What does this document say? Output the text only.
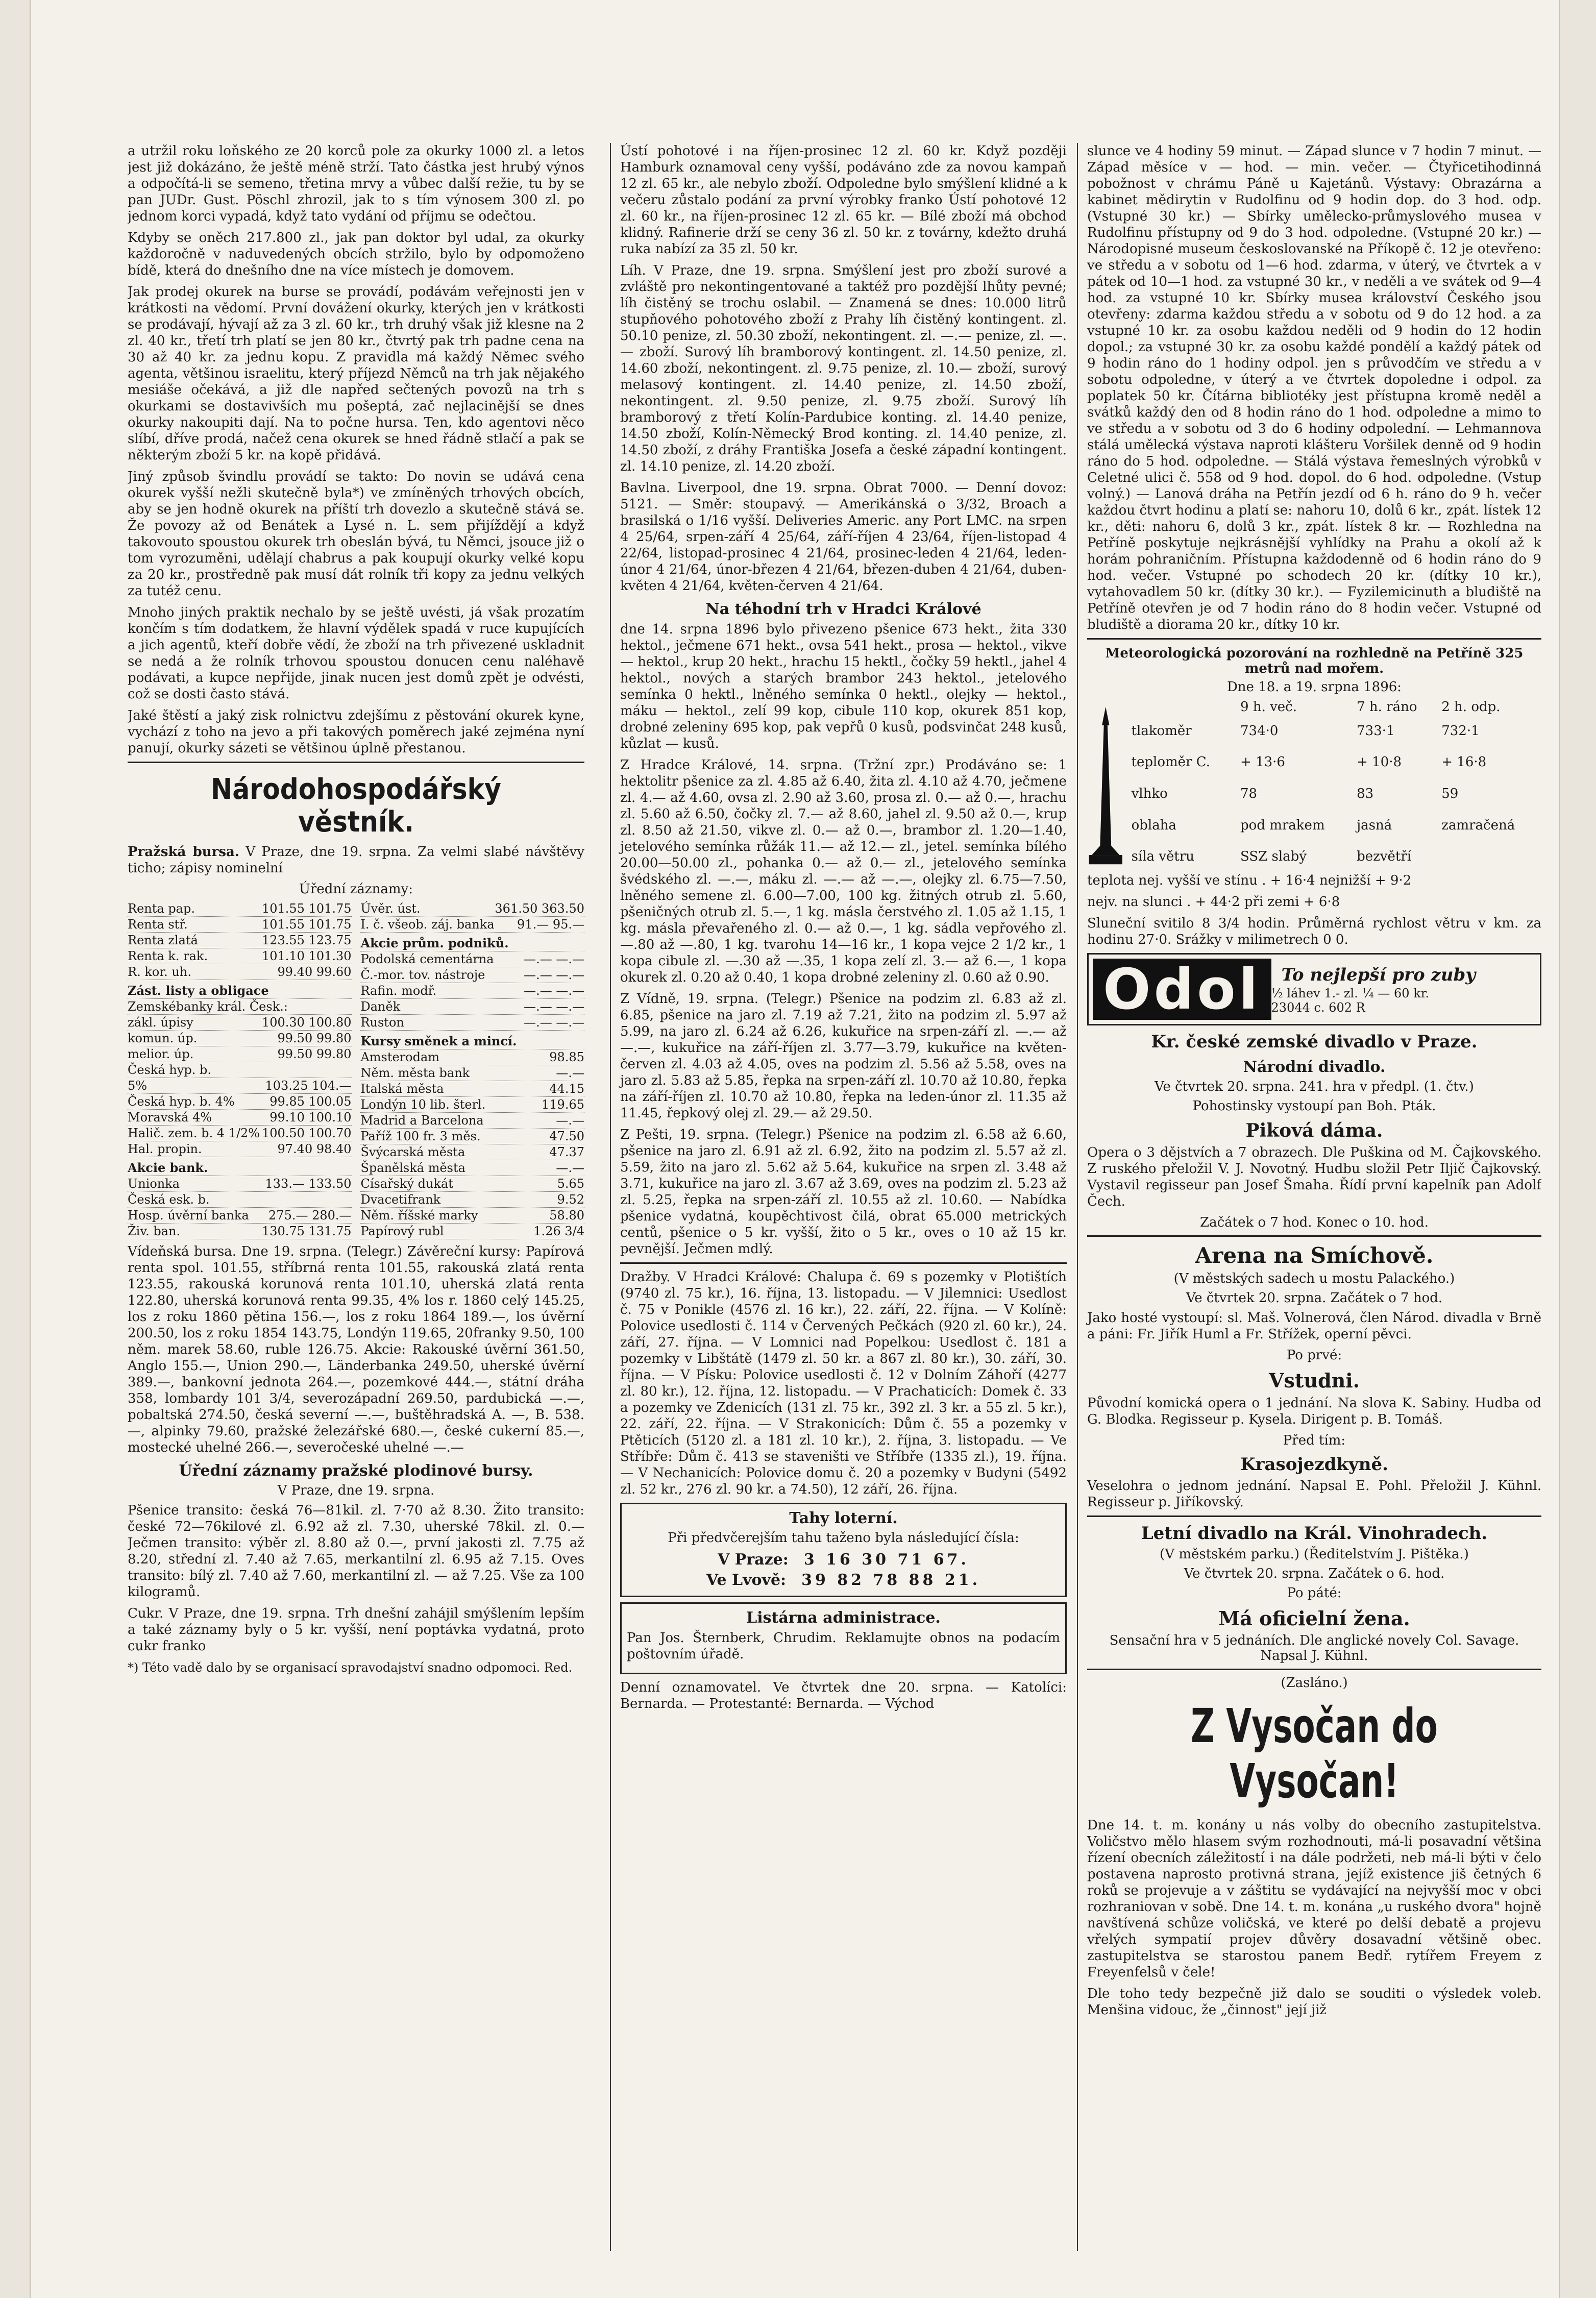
a utržil roku loňského ze 20 korců pole za okurky 1000 zl. a letos jest již dokázáno, že ještě méně strží. Tato částka jest hrubý výnos a odpočítá-li se semeno, třetina mrvy a vůbec další režie, tu by se pan JUDr. Gust. Pöschl zhrozil, jak to s tím výnosem 300 zl. po jednom korci vypadá, když tato vydání od příjmu se odečtou.

Kdyby se oněch 217.800 zl., jak pan doktor byl udal, za okurky každoročně v naduvedených obcích stržilo, bylo by odpomoženo bídě, která do dnešního dne na více místech je domovem.

Jak prodej okurek na burse se provádí, podávám veřejnosti jen v krátkosti na vědomí. První dovážení okurky, kterých jen v krátkosti se prodávají, hývají až za 3 zl. 60 kr., trh druhý však již klesne na 2 zl. 40 kr., třetí trh platí se jen 80 kr., čtvrtý pak trh padne cena na 30 až 40 kr. za jednu kopu. Z pravidla má každý Němec svého agenta, většinou israelitu, který příjezd Němců na trh jak nějakého mesiáše očekává, a již dle napřed sečtených povozů na trh s okurkami se dostavivších mu pošeptá, zač nejlacinější se dnes okurky nakoupiti dají. Na to počne hursa. Ten, kdo agentovi něco slíbí, dříve prodá, načež cena okurek se hned řádně stlačí a pak se některým zboží 5 kr. na kopě přidává.

Jiný způsob švindlu provádí se takto: Do novin se udává cena okurek vyšší nežli skutečně byla*) ve zmíněných trhových obcích, aby se jen hodně okurek na příští trh dovezlo a skutečně stává se. Že povozy až od Benátek a Lysé n. L. sem přijíždějí a když takovouto spoustou okurek trh obeslán bývá, tu Němci, jsouce již o tom vyrozuměni, udělají chabrus a pak koupují okurky velké kopu za 20 kr., prostředně pak musí dát rolník tři kopy za jednu velkých za tutéž cenu.

Mnoho jiných praktik nechalo by se ještě uvésti, já však prozatím končím s tím dodatkem, že hlavní výdělek spadá v ruce kupujících a jich agentů, kteří dobře vědí, že zboží na trh přivezené uskladnit se nedá a že rolník trhovou spoustou donucen cenu naléhavě podávati, a kupce nepřijde, jinak nucen jest domů zpět je odvésti, což se dosti často stává.

Jaké štěstí a jaký zisk rolnictvu zdejšímu z pěstování okurek kyne, vychází z toho na jevo a při takových poměrech jaké zejména nyní panují, okurky sázeti se většinou úplně přestanou.

Národohospodářský věstník.

Pražská bursa. V Praze, dne 19. srpna. Za velmi slabé návštěvy ticho; zápisy nominelní

Úřední záznamy:
Renta pap.	101.55 101.75
Renta stř.	101.55 101.75
Renta zlatá	123.55 123.75
Renta k. rak.	101.10 101.30
R. kor. uh.	99.40 99.60
Zást. listy a obligace
Zemskébanky král. Česk.:
zákl. úpisy	100.30 100.80
komun. úp.	99.50 99.80
melior. úp.	99.50 99.80
Česká hyp. b.
5%	103.25 104.—
Česká hyp. b. 4%	99.85 100.05
Moravská 4%	99.10 100.10
Halič. zem. b. 4 1/2% 100.50 100.70
Hal. propin.	97.40 98.40
Akcie bank.
Unionka	133.— 133.50
Česká esk. b.
Hosp. úvěrní banka 275.— 280.—
Živ. ban.	130.75 131.75
Úvěr. úst.	361.50 363.50
I. č. všeob. záj. banka 91.— 95.—
Akcie prům. podniků.
Podolská cementárna —.— —.—
Č.-mor. tov. nástroje	—.— —.—
Rafin. modř.	—.— —.—
Daněk	—.— —.—
Ruston	—.— —.—
Kursy směnek a mincí.
Amsterodam	98.85
Něm. města bank	—.—
Italská města	44.15
Londýn 10 lib. šterl.	119.65
Madrid a Barcelona	—.—
Paříž 100 fr. 3 měs.	47.50
Švýcarská města	47.37
Španělská města	—.—
Císařský dukát	5.65
Dvacetifrank	9.52
Něm. říšské marky	58.80
Papírový rubl	1.26 3/4

Vídeňská bursa. Dne 19. srpna. (Telegr.) Závěreční kursy: Papírová renta spol. 101.55, stříbrná renta 101.55, rakouská zlatá renta 123.55, rakouská korunová renta 101.10, uherská zlatá renta 122.80, uherská korunová renta 99.35, 4% los r. 1860 celý 145.25, los z roku 1860 pětina 156.—, los z roku 1864 189.—, los úvěrní 200.50, los z roku 1854 143.75, Londýn 119.65, 20franky 9.50, 100 něm. marek 58.60, ruble 126.75. Akcie: Rakouské úvěrní 361.50, Anglo 155.—, Union 290.—, Länderbanka 249.50, uherské úvěrní 389.—, bankovní jednota 264.—, pozemkové 444.—, státní dráha 358, lombardy 101 3/4, severozápadní 269.50, pardubická —.—, pobaltská 274.50, česká severní —.—, buštěhradská A. —, B. 538.—, alpinky 79.60, pražské železářské 680.—, české cukerní 85.—, mostecké uhelné 266.—, severočeské uhelné —.—

Úřední záznamy pražské plodinové bursy.
V Praze, dne 19. srpna.

Pšenice transito: česká 76—81kil. zl. 7·70 až 8.30. Žito transito: české 72—76kilové zl. 6.92 až zl. 7.30, uherské 78kil. zl. 0.— Ječmen transito: výběr zl. 8.80 až 0.—, první jakosti zl. 7.75 až 8.20, střední zl. 7.40 až 7.65, merkantilní zl. 6.95 až 7.15. Oves transito: bílý zl. 7.40 až 7.60, merkantilní zl. — až 7.25. Vše za 100 kilogramů.

Cukr. V Praze, dne 19. srpna. Trh dnešní zahájil smýšlením lepším a také záznamy byly o 5 kr. vyšší, není poptávka vydatná, proto cukr franko

*) Této vadě dalo by se organisací spravodajství snadno odpomoci. Red.

Ústí pohotové i na říjen-prosinec 12 zl. 60 kr. Když později Hamburk oznamoval ceny vyšší, podáváno zde za novou kampaň 12 zl. 65 kr., ale nebylo zboží. Odpoledne bylo smýšlení klidné a k večeru zůstalo podání za první výrobky franko Ústí pohotové 12 zl. 60 kr., na říjen-prosinec 12 zl. 65 kr. — Bílé zboží má obchod klidný. Rafinerie drží se ceny 36 zl. 50 kr. z továrny, kdežto druhá ruka nabízí za 35 zl. 50 kr.

Líh. V Praze, dne 19. srpna. Smýšlení jest pro zboží surové a zvláště pro nekontingentované a taktéž pro pozdější lhůty pevné; líh čistěný se trochu oslabil. — Znamená se dnes: 10.000 litrů stupňového pohotového zboží z Prahy líh čistěný kontingent. zl. 50.10 penize, zl. 50.30 zboží, nekontingent. zl. —.— penize, zl. —.— zboží. Surový líh bramborový kontingent. zl. 14.50 penize, zl. 14.60 zboží, nekontingent. zl. 9.75 penize, zl. 10.— zboží, surový melasový kontingent. zl. 14.40 penize, zl. 14.50 zboží, nekontingent. zl. 9.50 penize, zl. 9.75 zboží. Surový líh bramborový z třetí Kolín-Pardubice konting. zl. 14.40 penize, 14.50 zboží, Kolín-Německý Brod konting. zl. 14.40 penize, zl. 14.50 zboží, z dráhy Františka Josefa a české západní kontingent. zl. 14.10 penize, zl. 14.20 zboží.

Bavlna. Liverpool, dne 19. srpna. Obrat 7000. — Denní dovoz: 5121. — Směr: stoupavý. — Amerikánská o 3/32, Broach a brasilská o 1/16 vyšší. Deliveries Americ. any Port LMC. na srpen 4 25/64, srpen-září 4 25/64, září-říjen 4 23/64, říjen-listopad 4 22/64, listopad-prosinec 4 21/64, prosinec-leden 4 21/64, leden-únor 4 21/64, únor-březen 4 21/64, březen-duben 4 21/64, duben-květen 4 21/64, květen-červen 4 21/64.

Na téhodní trh v Hradci Králové

dne 14. srpna 1896 bylo přivezeno pšenice 673 hekt., žita 330 hektol., ječmene 671 hekt., ovsa 541 hekt., prosa — hektol., vikve — hektol., krup 20 hekt., hrachu 15 hektl., čočky 59 hektl., jahel 4 hektol., nových a starých brambor 243 hektol., jetelového semínka 0 hektl., lněného semínka 0 hektl., olejky — hektol., máku — hektol., zelí 99 kop, cibule 110 kop, okurek 851 kop, drobné zeleniny 695 kop, pak vepřů 0 kusů, podsvinčat 248 kusů, kůzlat — kusů.

Z Hradce Králové, 14. srpna. (Tržní zpr.) Prodáváno se: 1 hektolitr pšenice za zl. 4.85 až 6.40, žita zl. 4.10 až 4.70, ječmene zl. 4.— až 4.60, ovsa zl. 2.90 až 3.60, prosa zl. 0.— až 0.—, hrachu zl. 5.60 až 6.50, čočky zl. 7.— až 8.60, jahel zl. 9.50 až 0.—, krup zl. 8.50 až 21.50, vikve zl. 0.— až 0.—, brambor zl. 1.20—1.40, jetelového semínka růžák 11.— až 12.— zl., jetel. semínka bílého 20.00—50.00 zl., pohanka 0.— až 0.— zl., jetelového semínka švédského zl. —.—, máku zl. —.— až —.—, olejky zl. 6.75—7.50, lněného semene zl. 6.00—7.00, 100 kg. žitných otrub zl. 5.60, pšeničných otrub zl. 5.—, 1 kg. másla čerstvého zl. 1.05 až 1.15, 1 kg. másla převařeného zl. 0.— až 0.—, 1 kg. sádla vepřového zl. —.80 až —.80, 1 kg. tvarohu 14—16 kr., 1 kopa vejce 2 1/2 kr., 1 kopa cibule zl. —.30 až —.35, 1 kopa zelí zl. 3.— až 6.—, 1 kopa okurek zl. 0.20 až 0.40, 1 kopa drobné zeleniny zl. 0.60 až 0.90.

Z Vídně, 19. srpna. (Telegr.) Pšenice na podzim zl. 6.83 až zl. 6.85, pšenice na jaro zl. 7.19 až 7.21, žito na podzim zl. 5.97 až 5.99, na jaro zl. 6.24 až 6.26, kukuřice na srpen-září zl. —.— až —.—, kukuřice na září-říjen zl. 3.77—3.79, kukuřice na květen-červen zl. 4.03 až 4.05, oves na podzim zl. 5.56 až 5.58, oves na jaro zl. 5.83 až 5.85, řepka na srpen-září zl. 10.70 až 10.80, řepka na září-říjen zl. 10.70 až 10.80, řepka na leden-únor zl. 11.35 až 11.45, řepkový olej zl. 29.— až 29.50.

Z Pešti, 19. srpna. (Telegr.) Pšenice na podzim zl. 6.58 až 6.60, pšenice na jaro zl. 6.91 až zl. 6.92, žito na podzim zl. 5.57 až zl. 5.59, žito na jaro zl. 5.62 až 5.64, kukuřice na srpen zl. 3.48 až 3.71, kukuřice na jaro zl. 3.67 až 3.69, oves na podzim zl. 5.23 až zl. 5.25, řepka na srpen-září zl. 10.55 až zl. 10.60. — Nabídka pšenice vydatná, koupěchtivost čilá, obrat 65.000 metrických centů, pšenice o 5 kr. vyšší, žito o 5 kr., oves o 10 až 15 kr. pevnější. Ječmen mdlý.

Dražby. V Hradci Králové: Chalupa č. 69 s pozemky v Plotištích (9740 zl. 75 kr.), 16. října, 13. listopadu. — V Jilemnici: Usedlost č. 75 v Ponikle (4576 zl. 16 kr.), 22. září, 22. října. — V Kolíně: Polovice usedlosti č. 114 v Červených Pečkách (920 zl. 60 kr.), 24. září, 27. října. — V Lomnici nad Popelkou: Usedlost č. 181 a pozemky v Libštátě (1479 zl. 50 kr. a 867 zl. 80 kr.), 30. září, 30. října. — V Písku: Polovice usedlosti č. 12 v Dolním Záhoří (4277 zl. 80 kr.), 12. října, 12. listopadu. — V Prachaticích: Domek č. 33 a pozemky ve Zdenicích (131 zl. 75 kr., 392 zl. 3 kr. a 55 zl. 5 kr.), 22. září, 22. října. — V Strakonicích: Dům č. 55 a pozemky v Ptěticích (5120 zl. a 181 zl. 10 kr.), 2. října, 3. listopadu. — Ve Stříbře: Dům č. 413 se staveništi ve Stříbře (1335 zl.), 19. října. — V Nechanicích: Polovice domu č. 20 a pozemky v Budyni (5492 zl. 52 kr., 276 zl. 90 kr. a 74.50), 12 září, 26. října.

Tahy loterní.
Při předvčerejším tahu taženo byla následující čísla:
V Praze: 3 16 30 71 67.
Ve Lvově: 39 82 78 88 21.
Listárna administrace.

Pan Jos. Šternberk, Chrudim. Reklamujte obnos na podacím poštovním úřadě.

Denní oznamovatel. Ve čtvrtek dne 20. srpna. — Katolíci: Bernarda. — Protestanté: Bernarda. — Východ

slunce ve 4 hodiny 59 minut. — Západ slunce v 7 hodin 7 minut. — Západ měsíce v — hod. — min. večer. — Čtyřicetihodinná pobožnost v chrámu Páně u Kajetánů. Výstavy: Obrazárna a kabinet mědirytin v Rudolfinu od 9 hodin dop. do 3 hod. odp. (Vstupné 30 kr.) — Sbírky umělecko-průmyslového musea v Rudolfinu přístupny od 9 do 3 hod. odpoledne. (Vstupné 20 kr.) — Národopisné museum českoslovanské na Příkopě č. 12 je otevřeno: ve středu a v sobotu od 1—6 hod. zdarma, v úterý, ve čtvrtek a v pátek od 10—1 hod. za vstupné 30 kr., v neděli a ve svátek od 9—4 hod. za vstupné 10 kr. Sbírky musea království Českého jsou otevřeny: zdarma každou středu a v sobotu od 9 do 12 hod. a za vstupné 10 kr. za osobu každou neděli od 9 hodin do 12 hodin dopol.; za vstupné 30 kr. za osobu každé pondělí a každý pátek od 9 hodin ráno do 1 hodiny odpol. jen s průvodčím ve středu a v sobotu odpoledne, v úterý a ve čtvrtek dopoledne i odpol. za poplatek 50 kr. Čítárna bibliotéky jest přístupna kromě neděl a svátků každý den od 8 hodin ráno do 1 hod. odpoledne a mimo to ve středu a v sobotu od 3 do 6 hodiny odpolední. — Lehmannova stálá umělecká výstava naproti klášteru Voršilek denně od 9 hodin ráno do 5 hod. odpoledne. — Stálá výstava řemeslných výrobků v Celetné ulici č. 558 od 9 hod. dopol. do 6 hod. odpoledne. (Vstup volný.) — Lanová dráha na Petřín jezdí od 6 h. ráno do 9 h. večer každou čtvrt hodinu a platí se: nahoru 10, dolů 6 kr., zpát. lístek 12 kr., děti: nahoru 6, dolů 3 kr., zpát. lístek 8 kr. — Rozhledna na Petříně poskytuje nejkrásnější vyhlídky na Prahu a okolí až k horám pohraničním. Přístupna každodenně od 6 hodin ráno do 9 hod. večer. Vstupné po schodech 20 kr. (dítky 10 kr.), vytahovadlem 50 kr. (dítky 30 kr.). — Fyzilemicinuth a bludiště na Petříně otevřen je od 7 hodin ráno do 8 hodin večer. Vstupné od bludiště a diorama 20 kr., dítky 10 kr.

Meteorologická pozorování na rozhledně na Petříně 325 metrů nad mořem.
Dne 18. a 19. srpna 1896:
	9 h. več.	7 h. ráno	2 h. odp.
tlakoměr	734·0	733·1	732·1
teploměr C.	+ 13·6	+ 10·8	+ 16·8
vlhko	78	83	59
oblaha	pod mrakem	jasná	zamračená
síla větru	SSZ slabý	bezvětří	

teplota nej. vyšší ve stínu . + 16·4 nejnižší + 9·2

nejv. na slunci . + 44·2 při zemi + 6·8

Sluneční svitilo 8 3/4 hodin. Průměrná rychlost větru v km. za hodinu 27·0. Srážky v milimetrech 0 0.

Odol	To nejlepší pro zuby
½ láhev 1.- zl. ¼ — 60 kr.
23044 c. 602 R
Kr. české zemské divadlo v Praze.
Národní divadlo.
Ve čtvrtek 20. srpna. 241. hra v předpl. (1. čtv.)
Pohostinsky vystoupí pan Boh. Pták.
Piková dáma.

Opera o 3 dějstvích a 7 obrazech. Dle Puškina od M. Čajkovského. Z ruského přeložil V. J. Novotný. Hudbu složil Petr Iljič Čajkovský. Vystavil regisseur pan Josef Šmaha. Řídí první kapelník pan Adolf Čech.

Začátek o 7 hod. Konec o 10. hod.
Arena na Smíchově.
(V městských sadech u mostu Palackého.)
Ve čtvrtek 20. srpna. Začátek o 7 hod.

Jako hosté vystoupí: sl. Maš. Volnerová, člen Národ. divadla v Brně a páni: Fr. Jiřík Huml a Fr. Střížek, operní pěvci.

Po prvé:
Vstudni.

Původní komická opera o 1 jednání. Na slova K. Sabiny. Hudba od G. Blodka. Regisseur p. Kysela. Dirigent p. B. Tomáš.

Před tím:
Krasojezdkyně.

Veselohra o jednom jednání. Napsal E. Pohl. Přeložil J. Kühnl. Regisseur p. Jiříkovský.

Letní divadlo na Král. Vinohradech.
(V městském parku.) (Ředitelstvím J. Pištěka.)
Ve čtvrtek 20. srpna. Začátek o 6. hod.
Po páté:
Má oficielní žena.
Sensační hra v 5 jednáních. Dle anglické novely Col. Savage. Napsal J. Kühnl.
(Zasláno.)
Z Vysočan do Vysočan!

Dne 14. t. m. konány u nás volby do obecního zastupitelstva. Voličstvo mělo hlasem svým rozhodnouti, má-li posavadní většina řízení obecních záležitostí i na dále podržeti, neb má-li býti v čelo postavena naprosto protivná strana, jejíž existence jiš četných 6 roků se projevuje a v záštitu se vydávající na nejvyšší moc v obci rozhraniovan v sobě. Dne 14. t. m. konána „u ruského dvora" hojně navštívená schůze voličská, ve které po delší debatě a projevu vřelých sympatií projev důvěry dosavadní většině obec. zastupitelstva se starostou panem Bedř. rytířem Freyem z Freyenfelsů v čele!

Dle toho tedy bezpečně již dalo se souditi o výsledek voleb. Menšina vidouc, že „činnost" její již
